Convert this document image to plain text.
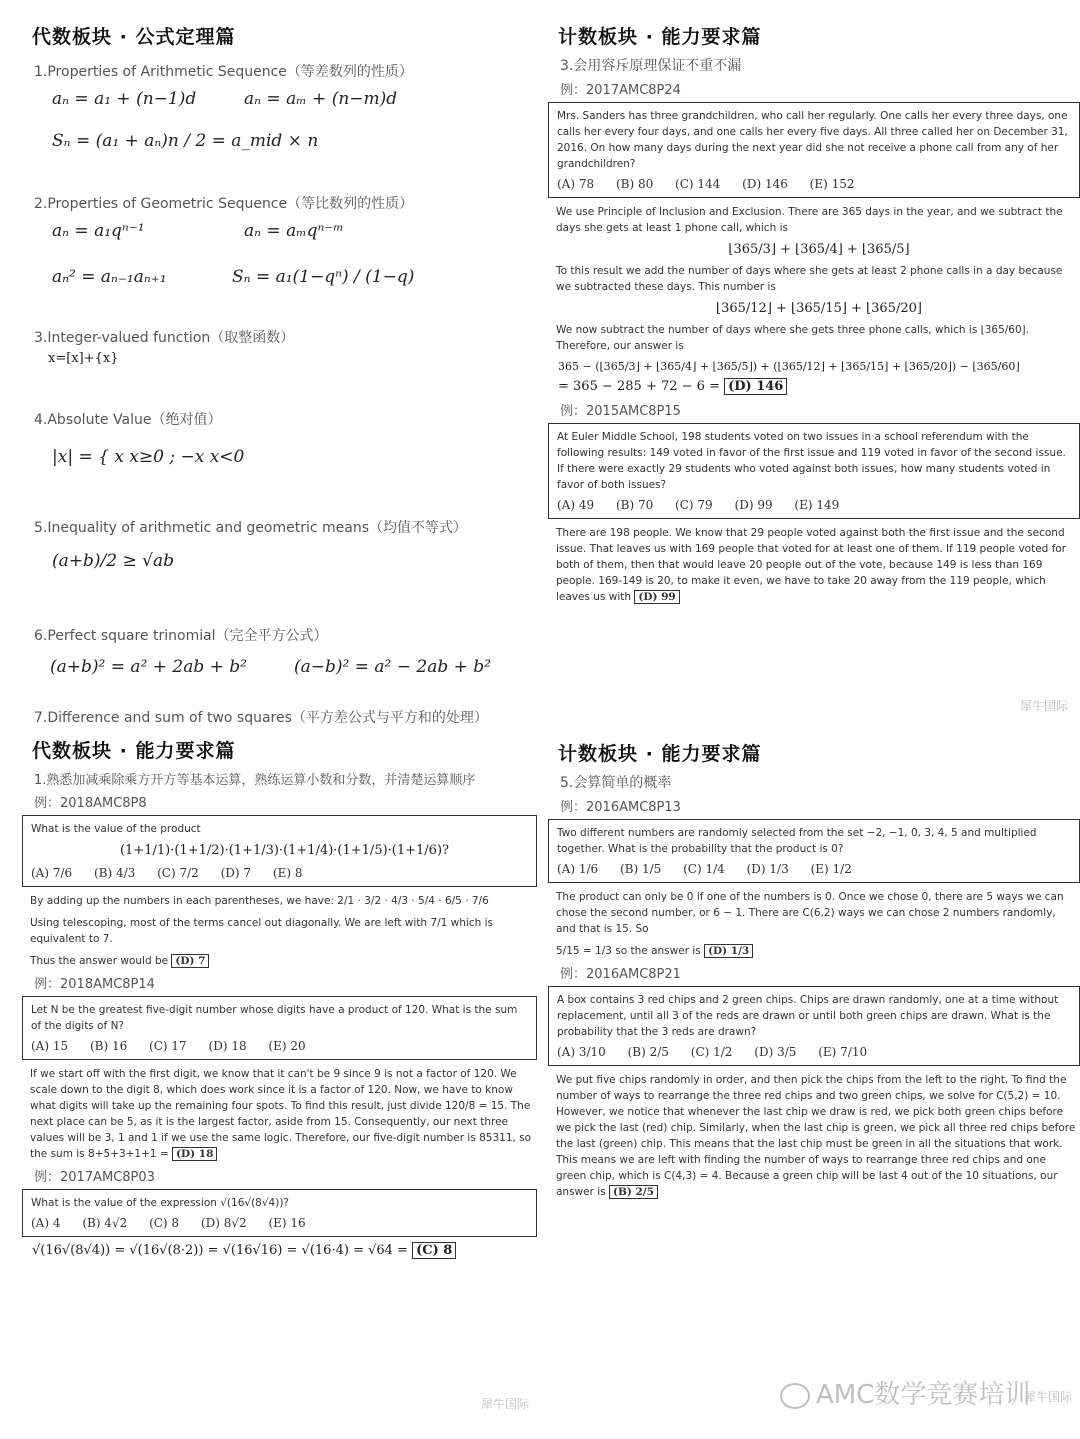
代数板块 · 公式定理篇
1.Properties of Arithmetic Sequence（等差数列的性质）
aₙ = a₁ + (n−1)d	aₙ = aₘ + (n−m)d
Sₙ = (a₁ + aₙ)n / 2 = a_mid × n
2.Properties of Geometric Sequence（等比数列的性质）
aₙ = a₁qⁿ⁻¹	aₙ = aₘqⁿ⁻ᵐ
aₙ² = aₙ₋₁aₙ₊₁	Sₙ = a₁(1−qⁿ) / (1−q)
3.Integer-valued function（取整函数）
x=[x]+{x}
4.Absolute Value（绝对值）
|x| = { x x≥0 ; −x x<0
5.Inequality of arithmetic and geometric means（均值不等式）
(a+b)/2 ≥ √ab
6.Perfect square trinomial（完全平方公式）
(a+b)² = a² + 2ab + b²	(a−b)² = a² − 2ab + b²
7.Difference and sum of two squares（平方差公式与平方和的处理）
计数板块 · 能力要求篇
3.会用容斥原理保证不重不漏
例：2017AMC8P24
Mrs. Sanders has three grandchildren, who call her regularly. One calls her every three days, one calls her every four days, and one calls her every five days. All three called her on December 31, 2016. On how many days during the next year did she not receive a phone call from any of her grandchildren?
(A) 78 (B) 80 (C) 144 (D) 146 (E) 152
We use Principle of Inclusion and Exclusion. There are 365 days in the year, and we subtract the days she gets at least 1 phone call, which is
⌊365/3⌋ + ⌊365/4⌋ + ⌊365/5⌋
To this result we add the number of days where she gets at least 2 phone calls in a day because we subtracted these days. This number is
⌊365/12⌋ + ⌊365/15⌋ + ⌊365/20⌋
We now subtract the number of days where she gets three phone calls, which is ⌊365/60⌋. Therefore, our answer is
365 − (⌊365/3⌋ + ⌊365/4⌋ + ⌊365/5⌋) + (⌊365/12⌋ + ⌊365/15⌋ + ⌊365/20⌋) − ⌊365/60⌋
= 365 − 285 + 72 − 6 = (D) 146
例：2015AMC8P15
At Euler Middle School, 198 students voted on two issues in a school referendum with the following results: 149 voted in favor of the first issue and 119 voted in favor of the second issue. If there were exactly 29 students who voted against both issues, how many students voted in favor of both issues?
(A) 49 (B) 70 (C) 79 (D) 99 (E) 149
There are 198 people. We know that 29 people voted against both the first issue and the second issue. That leaves us with 169 people that voted for at least one of them. If 119 people voted for both of them, then that would leave 20 people out of the vote, because 149 is less than 169 people. 169-149 is 20, to make it even, we have to take 20 away from the 119 people, which leaves us with (D) 99
犀牛国际
代数板块 · 能力要求篇
1.熟悉加减乘除乘方开方等基本运算，熟练运算小数和分数，并清楚运算顺序
例：2018AMC8P8
What is the value of the product
(1+1/1)·(1+1/2)·(1+1/3)·(1+1/4)·(1+1/5)·(1+1/6)?
(A) 7/6 (B) 4/3 (C) 7/2 (D) 7 (E) 8
By adding up the numbers in each parentheses, we have: 2/1 · 3/2 · 4/3 · 5/4 · 6/5 · 7/6
Using telescoping, most of the terms cancel out diagonally. We are left with 7/1 which is equivalent to 7.
Thus the answer would be (D) 7
例：2018AMC8P14
Let N be the greatest five-digit number whose digits have a product of 120. What is the sum of the digits of N?
(A) 15 (B) 16 (C) 17 (D) 18 (E) 20
If we start off with the first digit, we know that it can't be 9 since 9 is not a factor of 120. We scale down to the digit 8, which does work since it is a factor of 120. Now, we have to know what digits will take up the remaining four spots. To find this result, just divide 120/8 = 15. The next place can be 5, as it is the largest factor, aside from 15. Consequently, our next three values will be 3, 1 and 1 if we use the same logic. Therefore, our five-digit number is 85311, so the sum is 8+5+3+1+1 = (D) 18
例：2017AMC8P03
What is the value of the expression √(16√(8√4))?
(A) 4 (B) 4√2 (C) 8 (D) 8√2 (E) 16
√(16√(8√4)) = √(16√(8·2)) = √(16√16) = √(16·4) = √64 = (C) 8
犀牛国际
计数板块 · 能力要求篇
5.会算简单的概率
例：2016AMC8P13
Two different numbers are randomly selected from the set −2, −1, 0, 3, 4, 5 and multiplied together. What is the probability that the product is 0?
(A) 1/6 (B) 1/5 (C) 1/4 (D) 1/3 (E) 1/2
The product can only be 0 if one of the numbers is 0. Once we chose 0, there are 5 ways we can chose the second number, or 6 − 1. There are C(6,2) ways we can chose 2 numbers randomly, and that is 15. So
5/15 = 1/3 so the answer is (D) 1/3
例：2016AMC8P21
A box contains 3 red chips and 2 green chips. Chips are drawn randomly, one at a time without replacement, until all 3 of the reds are drawn or until both green chips are drawn. What is the probability that the 3 reds are drawn?
(A) 3/10 (B) 2/5 (C) 1/2 (D) 3/5 (E) 7/10
We put five chips randomly in order, and then pick the chips from the left to the right. To find the number of ways to rearrange the three red chips and two green chips, we solve for C(5,2) = 10. However, we notice that whenever the last chip we draw is red, we pick both green chips before we pick the last (red) chip. Similarly, when the last chip is green, we pick all three red chips before the last (green) chip. This means that the last chip must be green in all the situations that work. This means we are left with finding the number of ways to rearrange three red chips and one green chip, which is C(4,3) = 4. Because a green chip will be last 4 out of the 10 situations, our answer is (B) 2/5
犀牛国际
AMC数学竞赛培训
